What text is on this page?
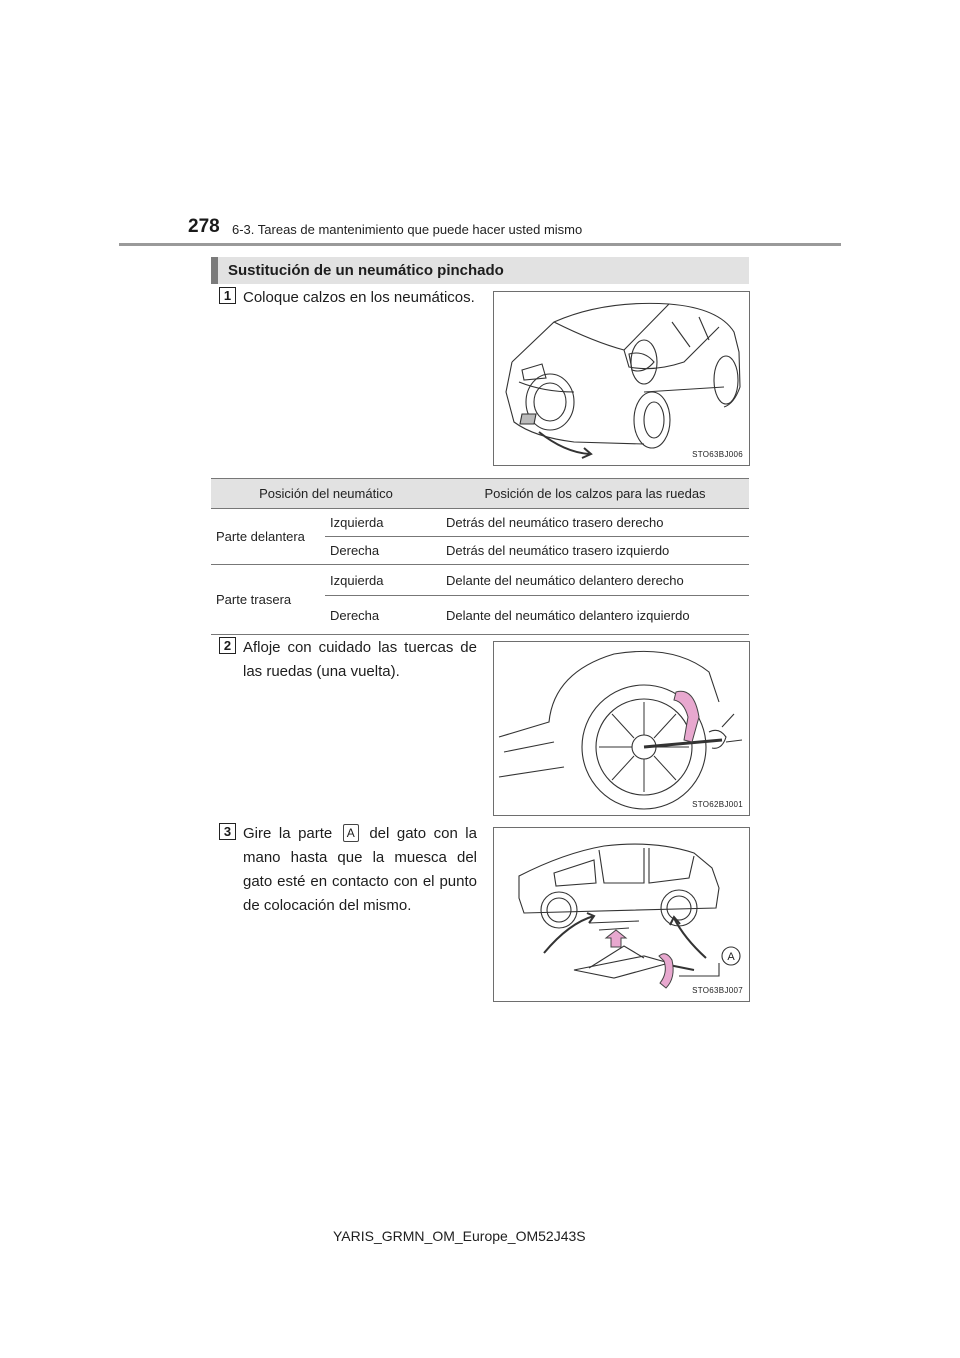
278 6-3. Tareas de mantenimiento que puede hacer usted mismo
Sustitución de un neumático pinchado
1 Coloque calzos en los neumáticos.
STO63BJ006
Posición del neumático		Posición de los calzos para las ruedas
Parte delantera	Izquierda	Detrás del neumático trasero derecho
	Derecha	Detrás del neumático trasero izquierdo
Parte trasera	Izquierda	Delante del neumático delantero derecho
	Derecha	Delante del neumático delantero izquierdo
2 Afloje con cuidado las tuercas de las ruedas (una vuelta).
STO62BJ001
3 Gire la parte A del gato con la mano hasta que la muesca del gato esté en contacto con el punto de colocación del mismo.
A
STO63BJ007
YARIS_GRMN_OM_Europe_OM52J43S
